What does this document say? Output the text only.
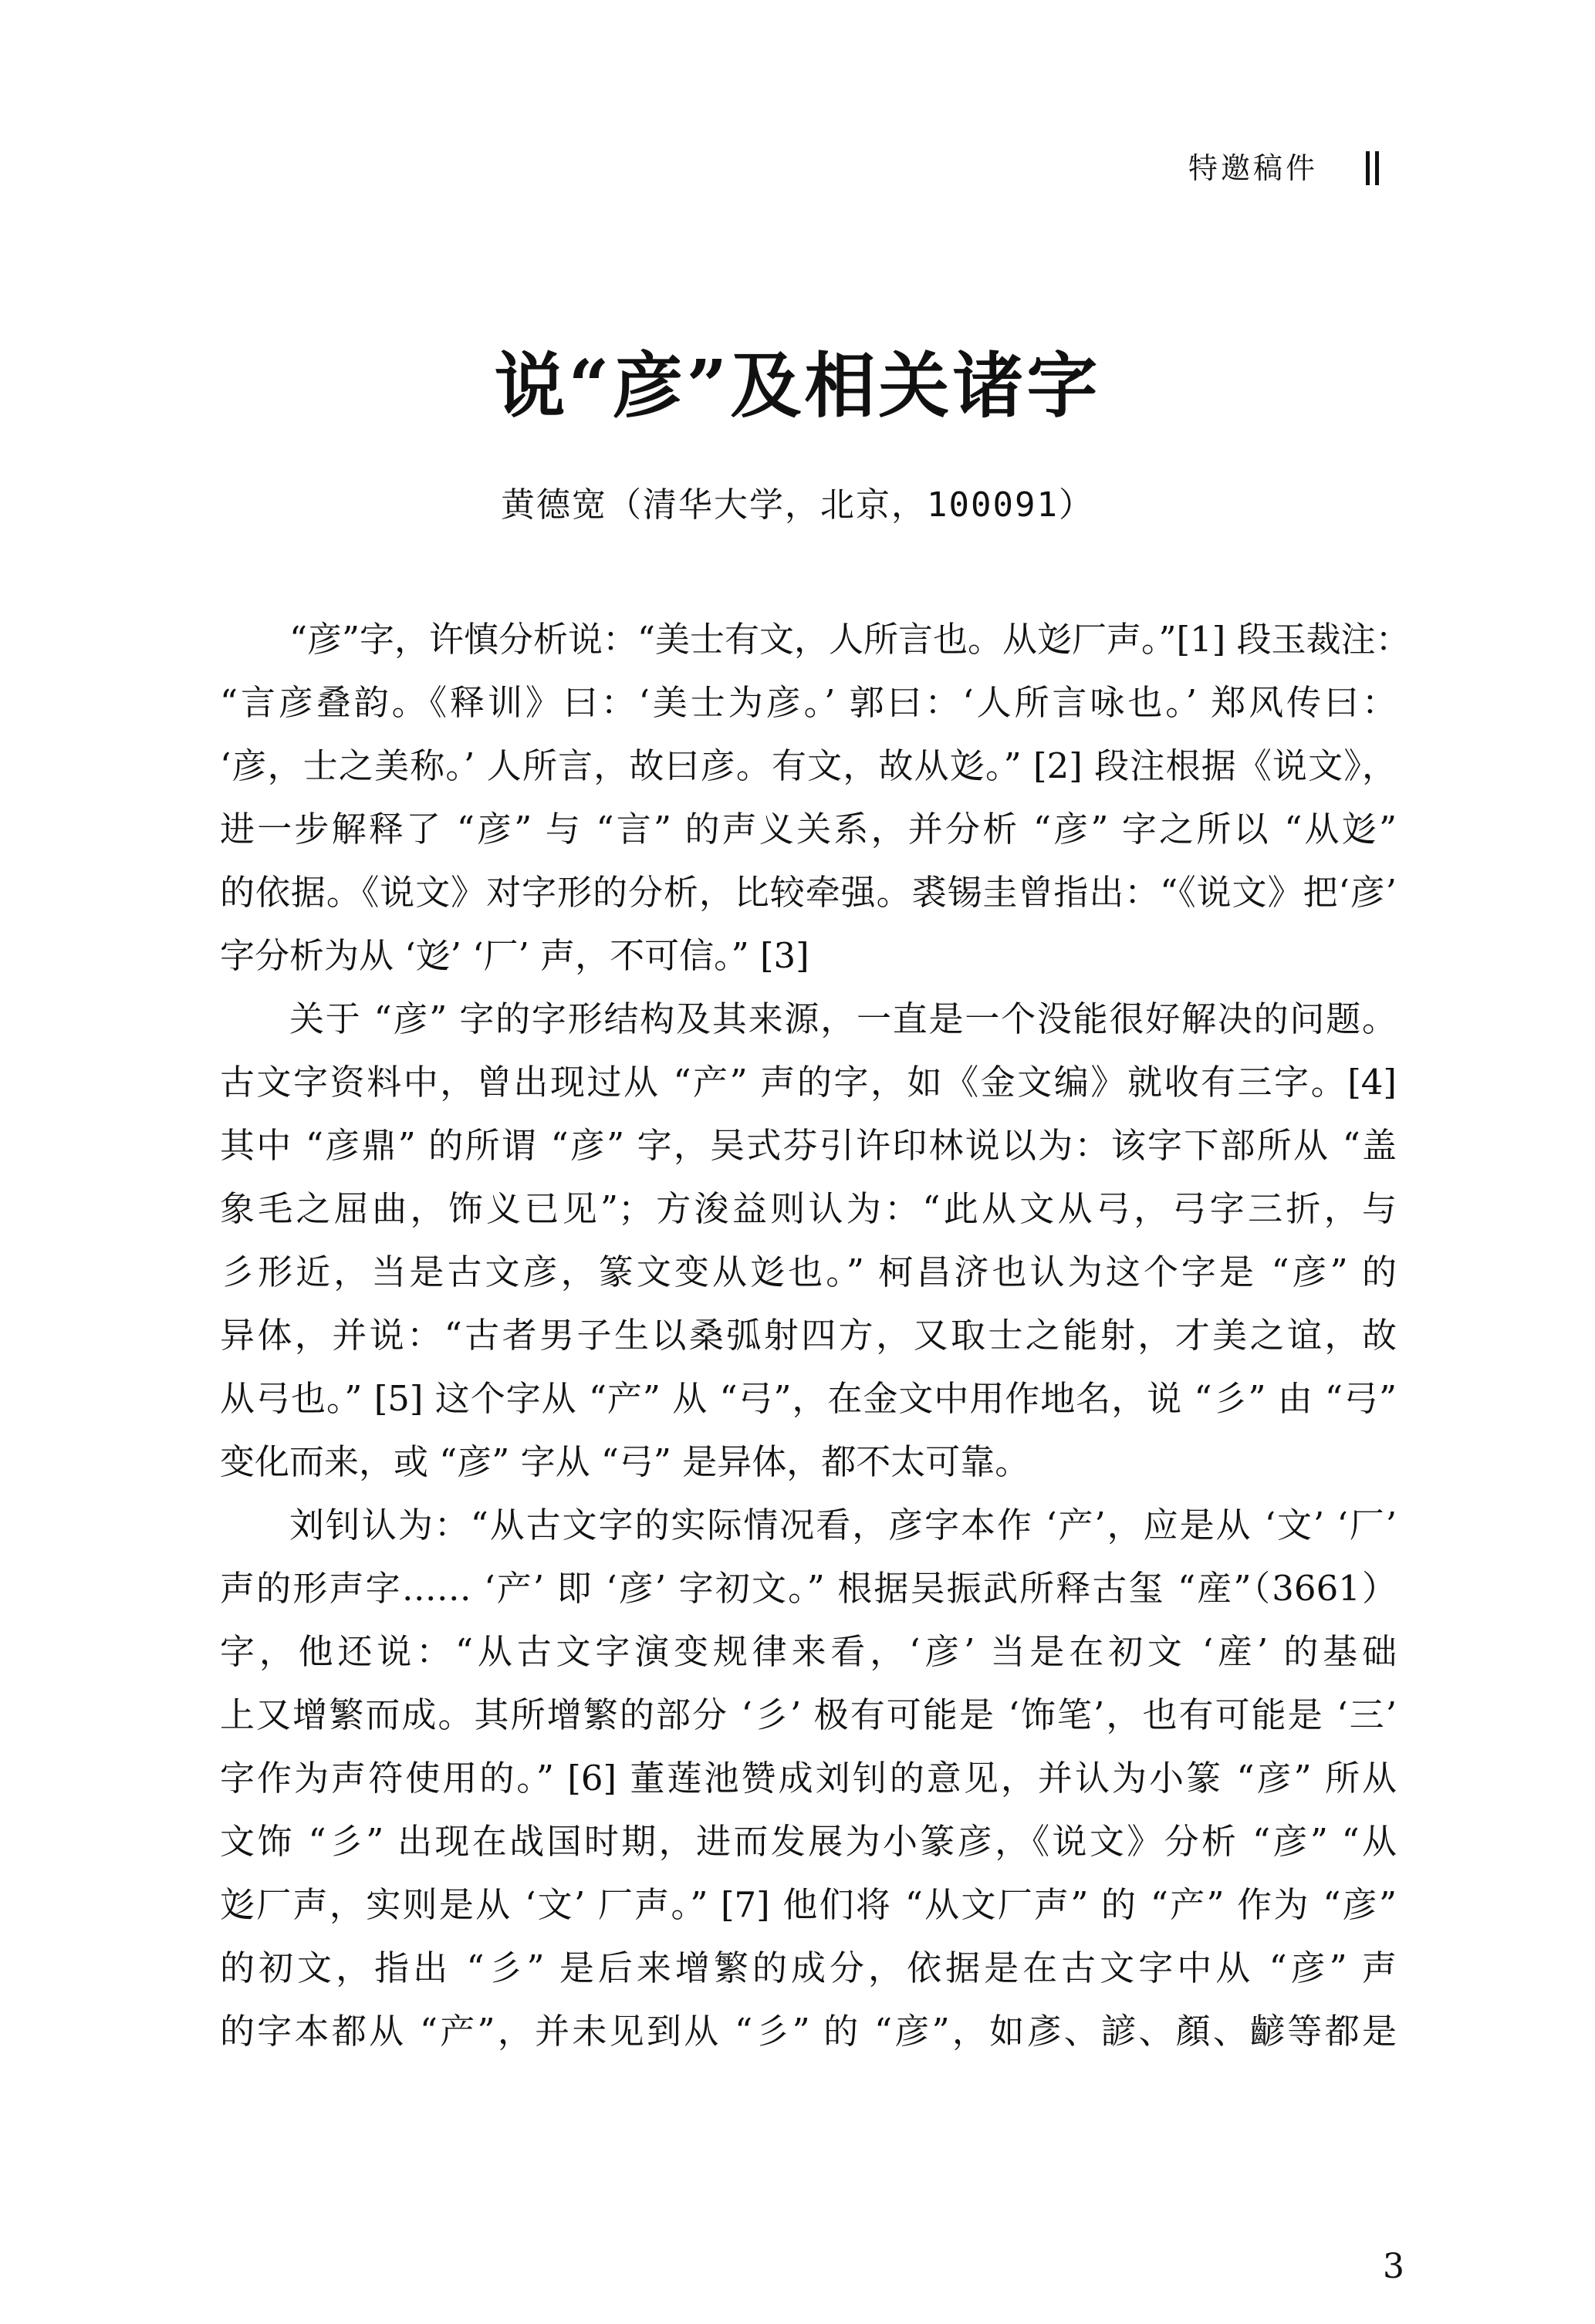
特邀稿件
说“彦”及相关诸字
黄德宽（清华大学，北京，100091）
“彦”字，许慎分析说：“美士有文，人所言也。从彣厂声。”[1] 段玉裁注：
“言彦叠韵。《释训》曰：‘美士为彦。’ 郭曰：‘人所言咏也。’ 郑风传曰：
‘彦，士之美称。’ 人所言，故曰彦。有文，故从彣。” [2] 段注根据《说文》，
进一步解释了 “彦” 与 “言” 的声义关系，并分析 “彦” 字之所以 “从彣”
的依据。《说文》对字形的分析，比较牵强。裘锡圭曾指出：“《说文》把‘彦’
字分析为从 ‘彣’ ‘厂’ 声，不可信。” [3]
关于 “彦” 字的字形结构及其来源，一直是一个没能很好解决的问题。
古文字资料中，曾出现过从 “产” 声的字，如《金文编》就收有三字。[4]
其中 “彦鼎” 的所谓 “彦” 字，吴式芬引许印林说以为：该字下部所从 “盖
象毛之屈曲，饰义已见”；方浚益则认为：“此从文从弓，弓字三折，与
彡形近，当是古文彦，篆文变从彣也。” 柯昌济也认为这个字是 “彦” 的
异体，并说：“古者男子生以桑弧射四方，又取士之能射，才美之谊，故
从弓也。” [5] 这个字从 “产” 从 “弓”，在金文中用作地名，说 “彡” 由 “弓”
变化而来，或 “彦” 字从 “弓” 是异体，都不太可靠。
刘钊认为：“从古文字的实际情况看，彦字本作 ‘产’，应是从 ‘文’ ‘厂’
声的形声字…… ‘产’ 即 ‘彦’ 字初文。” 根据吴振武所释古玺 “産”（3661）
字，他还说：“从古文字演变规律来看，‘彦’ 当是在初文 ‘産’ 的基础
上又增繁而成。其所增繁的部分 ‘彡’ 极有可能是 ‘饰笔’，也有可能是 ‘三’
字作为声符使用的。” [6] 董莲池赞成刘钊的意见，并认为小篆 “彦” 所从
文饰 “彡” 出现在战国时期，进而发展为小篆彦，《说文》分析 “彦” “从
彣厂声，实则是从 ‘文’ 厂声。” [7] 他们将 “从文厂声” 的 “产” 作为 “彦”
的初文，指出 “彡” 是后来增繁的成分，依据是在古文字中从 “彦” 声
的字本都从 “产”，并未见到从 “彡” 的 “彦”，如彥、諺、顏、齴等都是
3
